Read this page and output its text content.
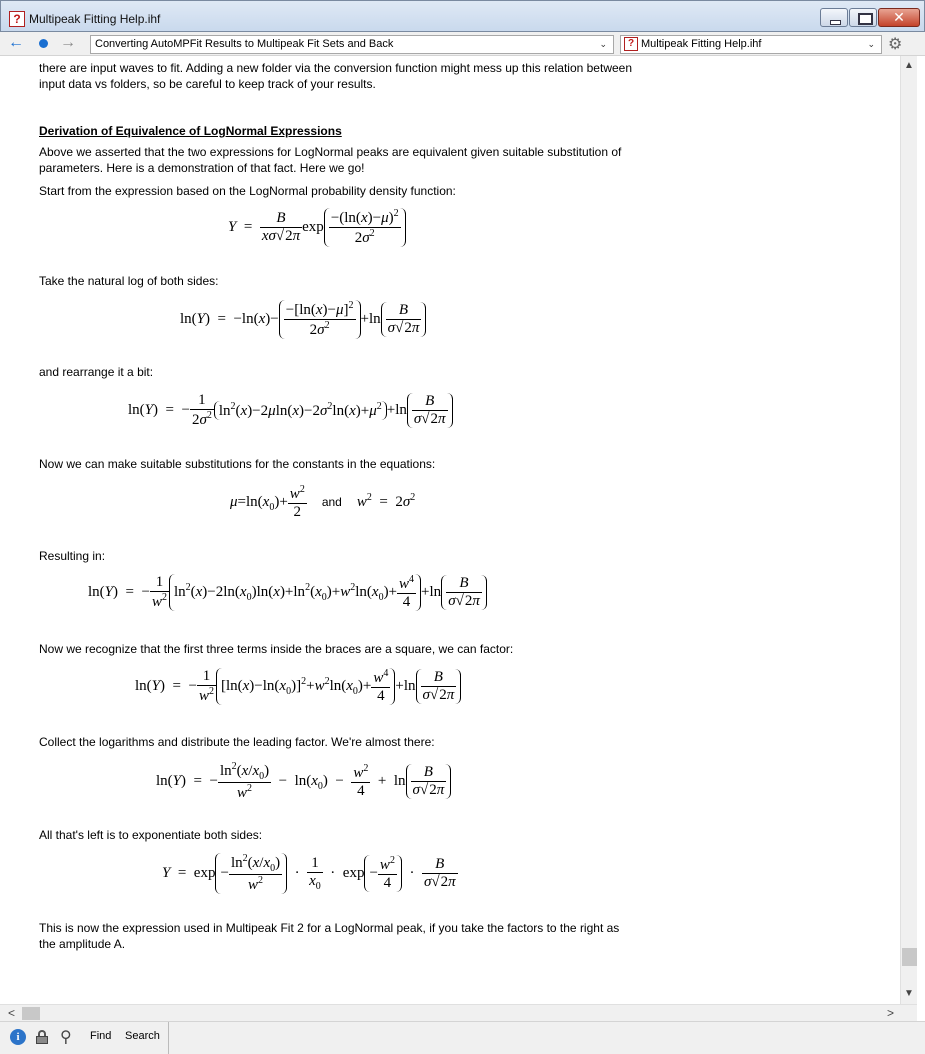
? Multipeak Fitting Help.ihf	✕
← →	Converting AutoMPFit Results to Multipeak Fit Sets and Back	⌄	? Multipeak Fitting Help.ihf	⌄ ⚙
there are input waves to fit. Adding a new folder via the conversion function might mess up this relation between input data vs folders, so be careful to keep track of your results.
Derivation of Equivalence of LogNormal Expressions
Above we asserted that the two expressions for LogNormal peaks are equivalent given suitable substitution of parameters. Here is a demonstration of that fact. Here we go!
Start from the expression based on the LogNormal probability density function:
$Y = \frac{B}{x\sigma√2\pi}$ $\exp \frac{-(\ln(x)-\mu)^2}{2\sigma^2}$
Take the natural log of both sides:
$\ln(Y) = -\ln(x)- \frac{-[\ln(x)-\mu]^2}{2\sigma^2} +\ln \frac{B}{\sigma√2\pi}$
and rearrange it a bit:
ln(Y)  =  − $\frac{1}{2\sigma^2} \ln^2(x)-2\mu\ln(x)-2\sigma^2\ln(x)+\mu^2 +\ln \frac{B}{\sigma√2\pi}$
Now we can make suitable substitutions for the constants in the equations:
$\mu=\ln(x_0)+ \frac{w^2}{2}$ and $w^2 = 2\sigma^2$
Resulting in:
ln(Y)  =  − $\frac{1}{w^2} \ln^2(x)-2\ln(x_0)\ln(x)+\ln^2(x_0)+w^2\ln(x_0)+ \frac{w^4}{4} +\ln \frac{B}{\sigma√2\pi}$
Now we recognize that the first three terms inside the braces are a square, we can factor:
ln(Y)  =  − $\frac{1}{w^2} [\ln(x)-\ln(x_0)]^2+w^2\ln(x_0)+ \frac{w^4}{4} +\ln \frac{B}{\sigma√2\pi}$
Collect the logarithms and distribute the leading factor. We're almost there:
ln(Y)  =  − $\frac{\ln^2(x/x_0)}{w^2} - \ln(x_0) - \frac{w^2}{4} + \ln \frac{B}{\sigma√2\pi}$
All that's left is to exponentiate both sides:
$Y = \exp - \frac{\ln^2(x/x_0)}{w^2} \cdot \frac{1}{x_0} \cdot \exp - \frac{w^2}{4} \cdot \frac{B}{\sigma√2\pi}$
This is now the expression used in Multipeak Fit 2 for a LogNormal peak, if you take the factors to the right as the amplitude A.
▲
▼
<	>
i	⚲ Find Search
